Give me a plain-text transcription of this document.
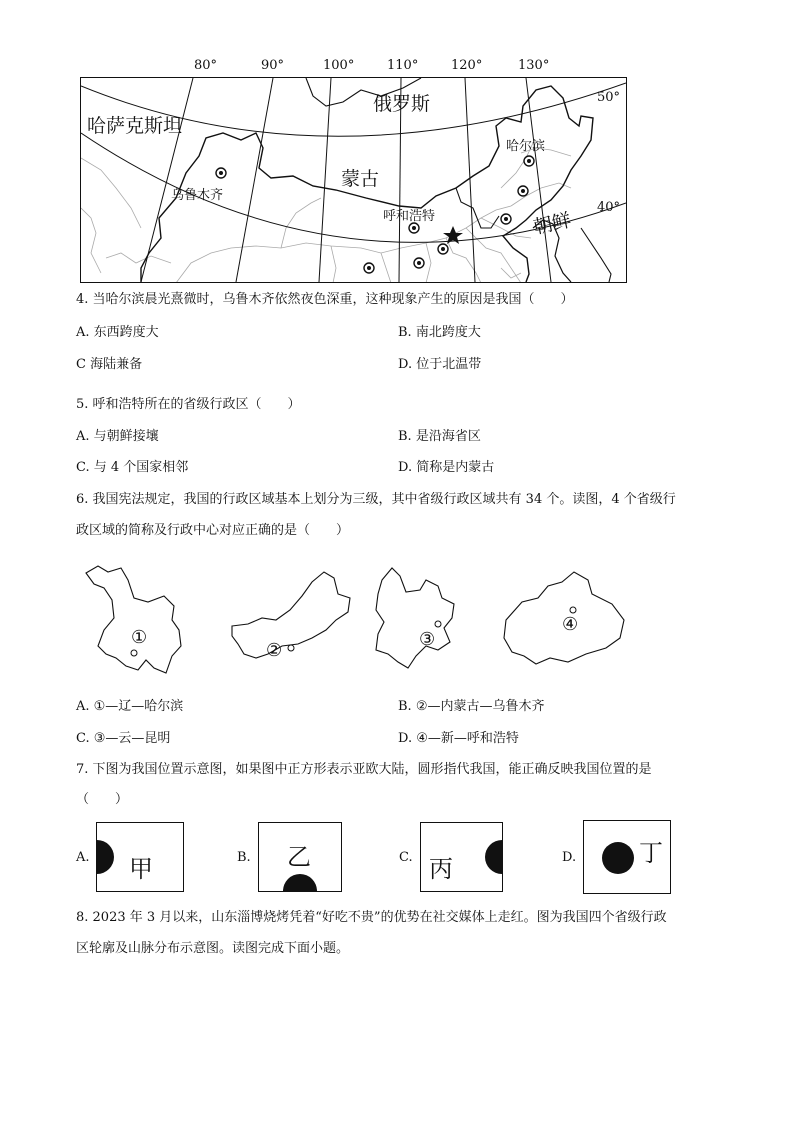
80°	90°	100°	110°	120°	130°
哈萨克斯坦
俄罗斯
蒙古
哈尔滨
乌鲁木齐
呼和浩特	朝鲜
50°
40°
4. 当哈尔滨晨光熹微时，乌鲁木齐依然夜色深重，这种现象产生的原因是我国（　　）
A. 东西跨度大	B. 南北跨度大
C 海陆兼备	D. 位于北温带
5. 呼和浩特所在的省级行政区（　　）
A. 与朝鲜接壤	B. 是沿海省区
C. 与 4 个国家相邻	D. 简称是内蒙古
6. 我国宪法规定，我国的行政区域基本上划分为三级，其中省级行政区域共有 34 个。读图，4 个省级行
政区域的简称及行政中心对应正确的是（　　）
①
②
③
④
A. ①—辽—哈尔滨	B. ②—内蒙古—乌鲁木齐
C. ③—云—昆明	D. ④—新—呼和浩特
7. 下图为我国位置示意图，如果图中正方形表示亚欧大陆，圆形指代我国，能正确反映我国位置的是
（　　）
A. 甲	B. 乙	C. 丙	D.	丁
8. 2023 年 3 月以来，山东淄博烧烤凭着“好吃不贵”的优势在社交媒体上走红。图为我国四个省级行政
区轮廓及山脉分布示意图。读图完成下面小题。
